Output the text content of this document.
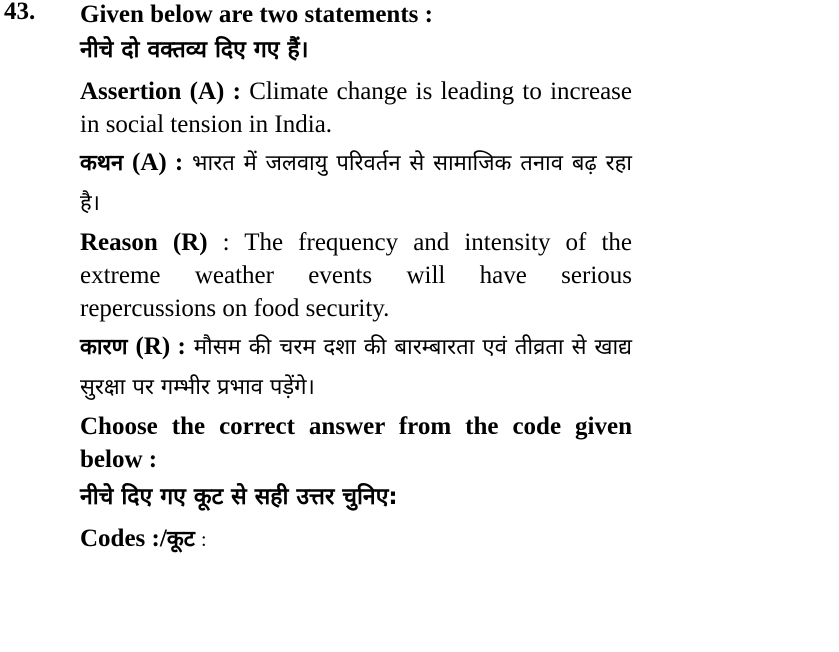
43. Given below are two statements :
नीचे दो वक्तव्य दिए गए हैं।
Assertion (A) : Climate change is leading to increase in social tension in India.
कथन (A) : भारत में जलवायु परिवर्तन से सामाजिक तनाव बढ़ रहा है।
Reason (R) : The frequency and intensity of the extreme weather events will have serious repercussions on food security.
कारण (R) : मौसम की चरम दशा की बारम्बारता एवं तीव्रता से खाद्य सुरक्षा पर गम्भीर प्रभाव पड़ेंगे।
Choose the correct answer from the code given below :
नीचे दिए गए कूट से सही उत्तर चुनिए:
Codes :/कूट :
